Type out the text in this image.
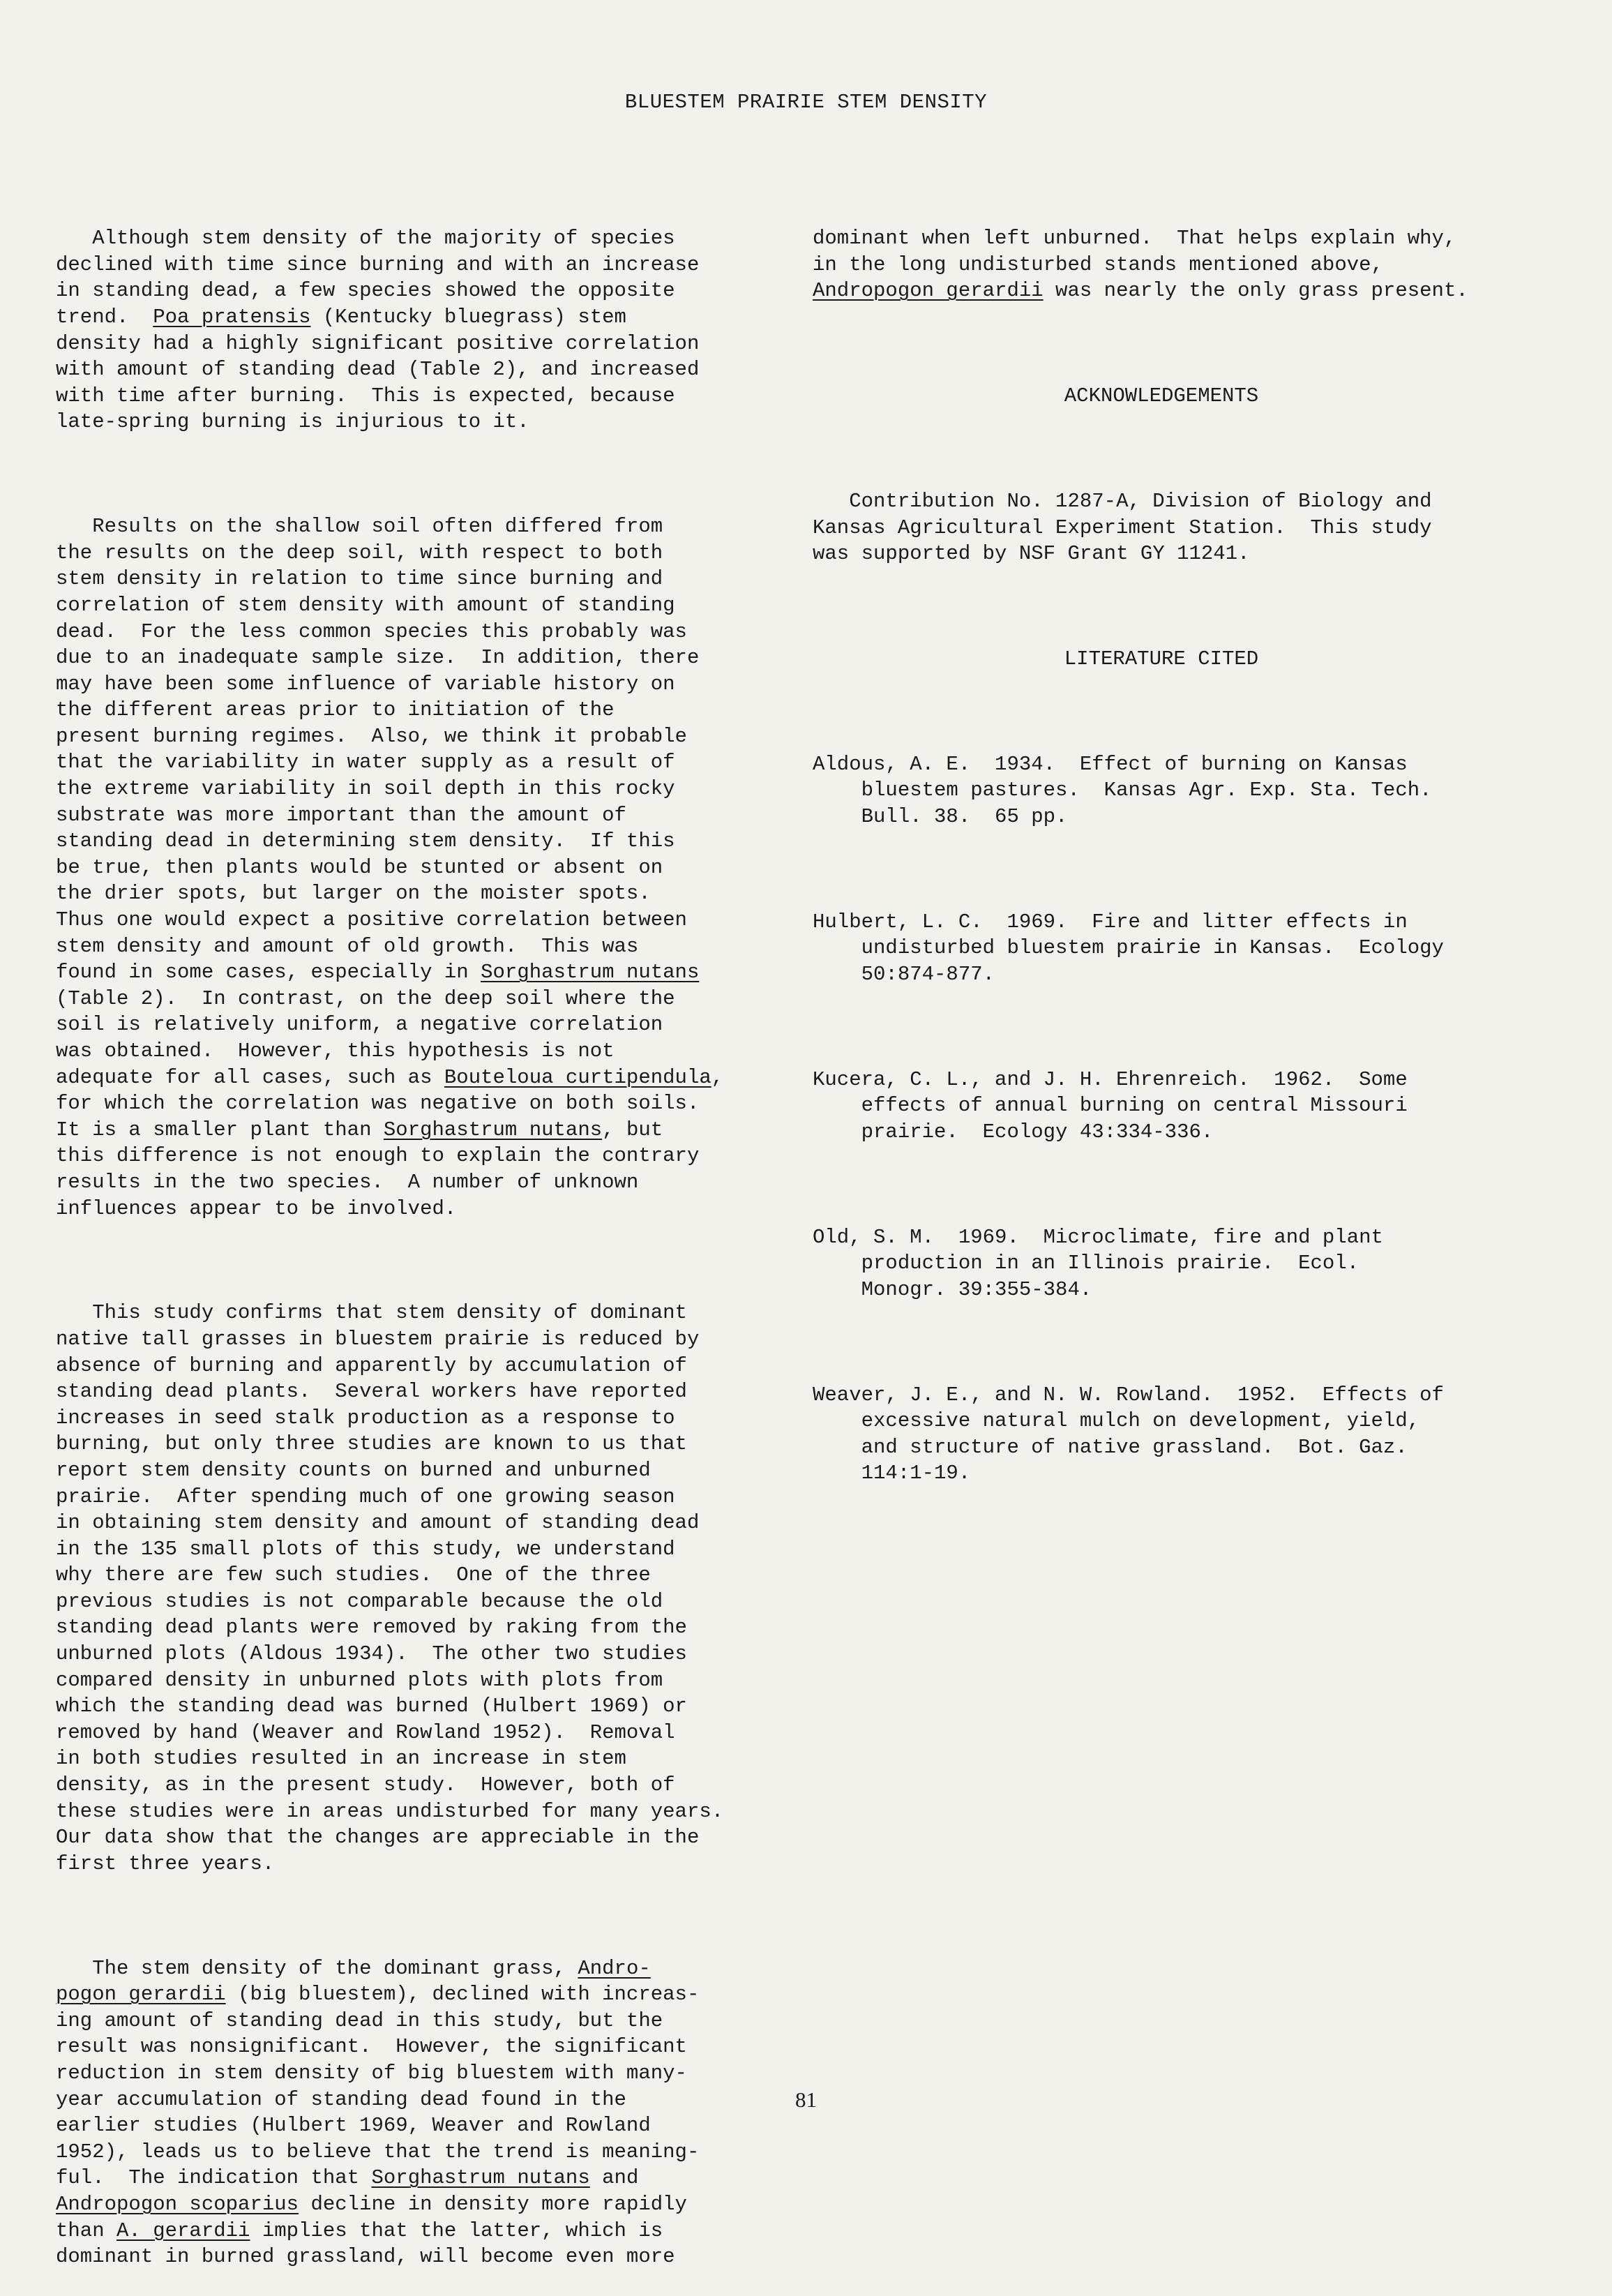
BLUESTEM PRAIRIE STEM DENSITY

Although stem density of the majority of species
declined with time since burning and with an increase
in standing dead, a few species showed the opposite
trend.  Poa pratensis (Kentucky bluegrass) stem
density had a highly significant positive correlation
with amount of standing dead (Table 2), and increased
with time after burning.  This is expected, because
late-spring burning is injurious to it.

Results on the shallow soil often differed from
the results on the deep soil, with respect to both
stem density in relation to time since burning and
correlation of stem density with amount of standing
dead.  For the less common species this probably was
due to an inadequate sample size.  In addition, there
may have been some influence of variable history on
the different areas prior to initiation of the
present burning regimes.  Also, we think it probable
that the variability in water supply as a result of
the extreme variability in soil depth in this rocky
substrate was more important than the amount of
standing dead in determining stem density.  If this
be true, then plants would be stunted or absent on
the drier spots, but larger on the moister spots.
Thus one would expect a positive correlation between
stem density and amount of old growth.  This was
found in some cases, especially in Sorghastrum nutans
(Table 2).  In contrast, on the deep soil where the
soil is relatively uniform, a negative correlation
was obtained.  However, this hypothesis is not
adequate for all cases, such as Bouteloua curtipendula,
for which the correlation was negative on both soils.
It is a smaller plant than Sorghastrum nutans, but
this difference is not enough to explain the contrary
results in the two species.  A number of unknown
influences appear to be involved.

This study confirms that stem density of dominant
native tall grasses in bluestem prairie is reduced by
absence of burning and apparently by accumulation of
standing dead plants.  Several workers have reported
increases in seed stalk production as a response to
burning, but only three studies are known to us that
report stem density counts on burned and unburned
prairie.  After spending much of one growing season
in obtaining stem density and amount of standing dead
in the 135 small plots of this study, we understand
why there are few such studies.  One of the three
previous studies is not comparable because the old
standing dead plants were removed by raking from the
unburned plots (Aldous 1934).  The other two studies
compared density in unburned plots with plots from
which the standing dead was burned (Hulbert 1969) or
removed by hand (Weaver and Rowland 1952).  Removal
in both studies resulted in an increase in stem
density, as in the present study.  However, both of
these studies were in areas undisturbed for many years.
Our data show that the changes are appreciable in the
first three years.

The stem density of the dominant grass, Andro-
pogon gerardii (big bluestem), declined with increas-
ing amount of standing dead in this study, but the
result was nonsignificant.  However, the significant
reduction in stem density of big bluestem with many-
year accumulation of standing dead found in the
earlier studies (Hulbert 1969, Weaver and Rowland
1952), leads us to believe that the trend is meaning-
ful.  The indication that Sorghastrum nutans and
Andropogon scoparius decline in density more rapidly
than A. gerardii implies that the latter, which is
dominant in burned grassland, will become even more

dominant when left unburned.  That helps explain why,
in the long undisturbed stands mentioned above,
Andropogon gerardii was nearly the only grass present.

ACKNOWLEDGEMENTS

Contribution No. 1287-A, Division of Biology and
Kansas Agricultural Experiment Station.  This study
was supported by NSF Grant GY 11241.

LITERATURE CITED

Aldous, A. E.  1934.  Effect of burning on Kansas
bluestem pastures.  Kansas Agr. Exp. Sta. Tech.
Bull. 38.  65 pp.

Hulbert, L. C.  1969.  Fire and litter effects in
undisturbed bluestem prairie in Kansas.  Ecology
50:874-877.

Kucera, C. L., and J. H. Ehrenreich.  1962.  Some
effects of annual burning on central Missouri
prairie.  Ecology 43:334-336.

Old, S. M.  1969.  Microclimate, fire and plant
production in an Illinois prairie.  Ecol.
Monogr. 39:355-384.

Weaver, J. E., and N. W. Rowland.  1952.  Effects of
excessive natural mulch on development, yield,
and structure of native grassland.  Bot. Gaz.
114:1-19.

81
